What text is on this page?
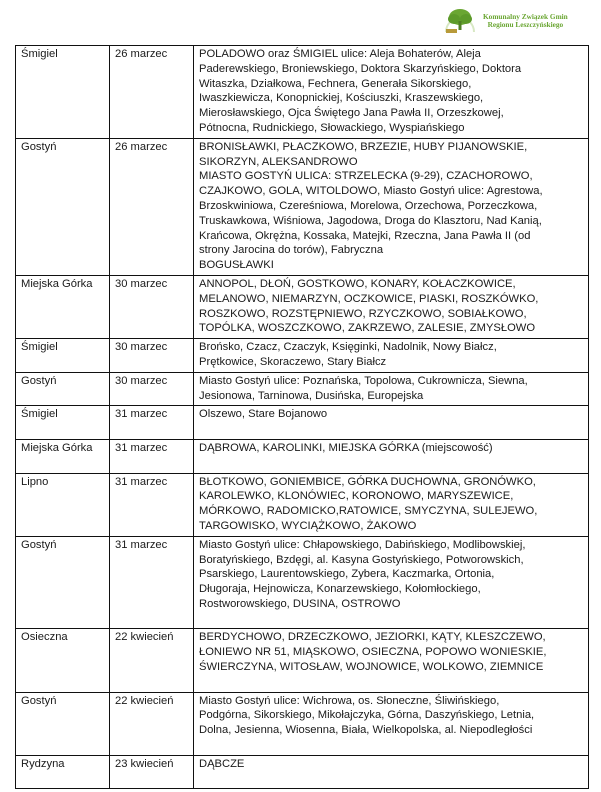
Komunalny Związek Gmin
Regionu Leszczyńskiego
Śmigiel	26 marzec	POLADOWO oraz ŚMIGIEL ulice: Aleja Bohaterów, Aleja
Paderewskiego, Broniewskiego, Doktora Skarzyńskiego, Doktora
Witaszka, Działkowa, Fechnera, Generała Sikorskiego,
Iwaszkiewicza, Konopnickiej, Kościuszki, Kraszewskiego,
Mierosławskiego, Ojca Świętego Jana Pawła II, Orzeszkowej,
Pótnocna, Rudnickiego, Słowackiego, Wyspiańskiego

Gostyń	26 marzec	BRONISŁAWKI, PŁACZKOWO, BRZEZIE, HUBY PIJANOWSKIE,
SIKORZYN, ALEKSANDROWO
MIASTO GOSTYŃ ULICA: STRZELECKA (9-29), CZACHOROWO,
CZAJKOWO, GOLA, WITOLDOWO, Miasto Gostyń ulice: Agrestowa,
Brzoskwiniowa, Czereśniowa, Morelowa, Orzechowa, Porzeczkowa,
Truskawkowa, Wiśniowa, Jagodowa, Droga do Klasztoru, Nad Kanią,
Krańcowa, Okrężna, Kossaka, Matejki, Rzeczna, Jana Pawła II (od
strony Jarocina do torów), Fabryczna
BOGUSŁAWKI

Miejska Górka	30 marzec	ANNOPOL, DŁOŃ, GOSTKOWO, KONARY, KOŁACZKOWICE,
MELANOWO, NIEMARZYN, OCZKOWICE, PIASKI, ROSZKÓWKO,
ROSZKOWO, ROZSTĘPNIEWO, RZYCZKOWO, SOBIAŁKOWO,
TOPÓLKA, WOSZCZKOWO, ZAKRZEWO, ZALESIE, ZMYSŁOWO

Śmigiel	30 marzec	Brońsko, Czacz, Czaczyk, Księginki, Nadolnik, Nowy Białcz,
Prętkowice, Skoraczewo, Stary Białcz

Gostyń	30 marzec	Miasto Gostyń ulice: Poznańska, Topolowa, Cukrownicza, Siewna,
Jesionowa, Tarninowa, Dusińska, Europejska

Śmigiel	31 marzec	Olszewo, Stare Bojanowo

Miejska Górka	31 marzec	DĄBROWA, KAROLINKI, MIEJSKA GÓRKA (miejscowość)

Lipno	31 marzec	BŁOTKOWO, GONIEMBICE, GÓRKA DUCHOWNA, GRONÓWKO,
KAROLEWKO, KLONÓWIEC, KORONOWO, MARYSZEWICE,
MÓRKOWO, RADOMICKO,RATOWICE, SMYCZYNA, SULEJEWO,
TARGOWISKO, WYCIĄŻKOWO, ŻAKOWO

Gostyń	31 marzec	Miasto Gostyń ulice: Chłapowskiego, Dabińskiego, Modlibowskiej,
Boratyńskiego, Bzdęgi, al. Kasyna Gostyńskiego, Potworowskich,
Psarskiego, Laurentowskiego, Zybera, Kaczmarka, Ortonia,
Długoraja, Hejnowicza, Konarzewskiego, Kołomłockiego,
Rostworowskiego, DUSINA, OSTROWO

Osieczna	22 kwiecień	BERDYCHOWO, DRZECZKOWO, JEZIORKI, KĄTY, KLESZCZEWO,
ŁONIEWO NR 51, MIĄSKOWO, OSIECZNA, POPOWO WONIESKIE,
ŚWIERCZYNA, WITOSŁAW, WOJNOWICE, WOLKOWO, ZIEMNICE

Gostyń	22 kwiecień	Miasto Gostyń ulice: Wichrowa, os. Słoneczne, Śliwińskiego,
Podgórna, Sikorskiego, Mikołajczyka, Górna, Daszyńskiego, Letnia,
Dolna, Jesienna, Wiosenna, Biała, Wielkopolska, al. Niepodległości

Rydzyna	23 kwiecień	DĄBCZE
